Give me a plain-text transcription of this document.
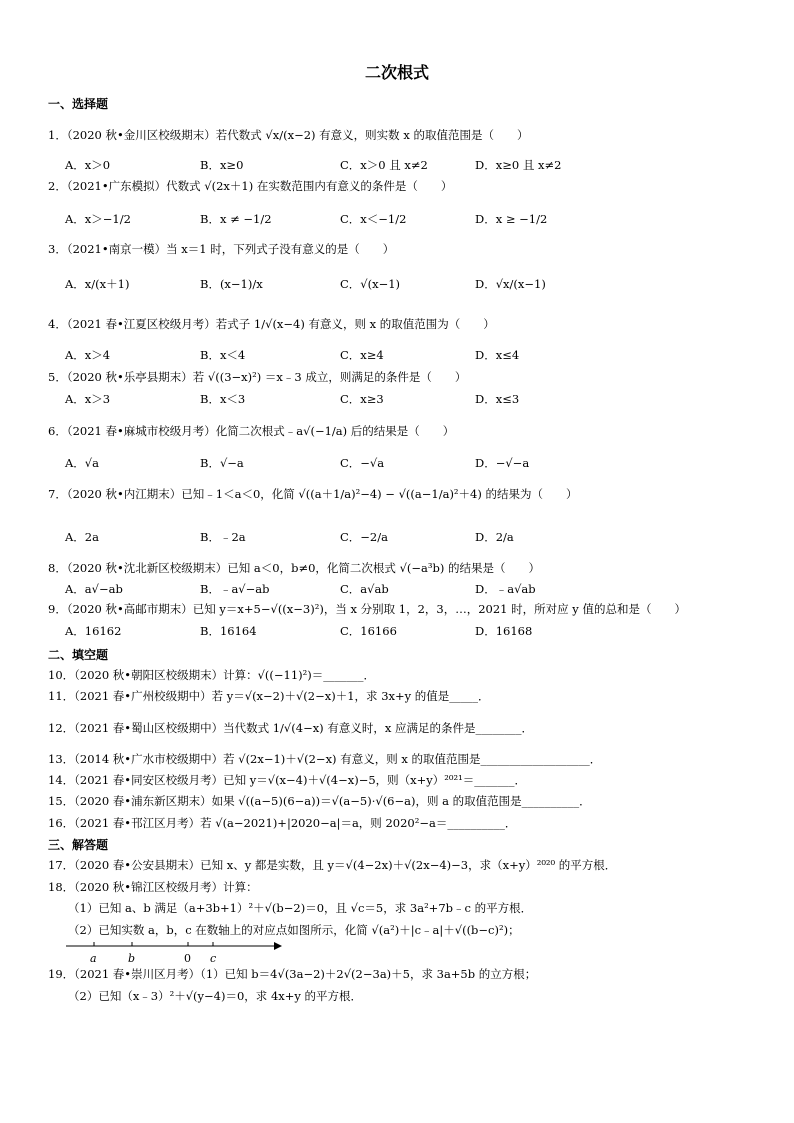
二次根式
一、选择题
1．（2020 秋•金川区校级期末）若代数式 √x/(x−2) 有意义，则实数 x 的取值范围是（　　）
A．x＞0	B．x≥0	C．x＞0 且 x≠2	D．x≥0 且 x≠2
2．（2021•广东模拟）代数式 √(2x＋1) 在实数范围内有意义的条件是（　　）
A．x＞−1/2	B．x ≠ −1/2	C．x＜−1/2	D．x ≥ −1/2
3．（2021•南京一模）当 x＝1 时，下列式子没有意义的是（　　）
A．x/(x＋1)	B．(x−1)/x	C．√(x−1)	D．√x/(x−1)
4．（2021 春•江夏区校级月考）若式子 1/√(x−4) 有意义，则 x 的取值范围为（　　）
A．x＞4	B．x＜4	C．x≥4	D．x≤4
5．（2020 秋•乐亭县期末）若 √((3−x)²) ＝x﹣3 成立，则满足的条件是（　　）
A．x＞3	B．x＜3	C．x≥3	D．x≤3
6．（2021 春•麻城市校级月考）化简二次根式﹣a√(−1/a) 后的结果是（　　）
A．√a	B．√−a	C．−√a	D．−√−a
7．（2020 秋•内江期末）已知﹣1＜a＜0，化简 √((a＋1/a)²−4) − √((a−1/a)²＋4) 的结果为（　　）
A．2a	B．﹣2a	C．−2/a	D．2/a
8．（2020 秋•沈北新区校级期末）已知 a＜0，b≠0，化简二次根式 √(−a³b) 的结果是（　　）
A．a√−ab	B．﹣a√−ab	C．a√ab	D．﹣a√ab
9．（2020 秋•高邮市期末）已知 y＝x+5−√((x−3)²)，当 x 分别取 1，2，3，…，2021 时，所对应 y 值的总和是（　　）
A．16162	B．16164	C．16166	D．16168
二、填空题
10．（2020 秋•朝阳区校级期末）计算：√((−11)²)＝_______．
11．（2021 春•广州校级期中）若 y＝√(x−2)＋√(2−x)＋1，求 3x+y 的值是_____．
12．（2021 春•蜀山区校级期中）当代数式 1/√(4−x) 有意义时，x 应满足的条件是________．
13．（2014 秋•广水市校级期中）若 √(2x−1)＋√(2−x) 有意义，则 x 的取值范围是___________________．
14．（2021 春•同安区校级月考）已知 y＝√(x−4)＋√(4−x)−5，则（x+y）²⁰²¹＝_______．
15．（2020 春•浦东新区期末）如果 √((a−5)(6−a))＝√(a−5)·√(6−a)，则 a 的取值范围是__________．
16．（2021 春•邗江区月考）若 √(a−2021)+|2020−a|＝a，则 2020²−a＝__________．
三、解答题
17．（2020 春•公安县期末）已知 x、y 都是实数，且 y＝√(4−2x)＋√(2x−4)−3，求（x+y）²⁰²⁰ 的平方根．
18．（2020 秋•锦江区校级月考）计算：
（1）已知 a、b 满足（a+3b+1）²＋√(b−2)＝0，且 √c＝5，求 3a²+7b﹣c 的平方根．
（2）已知实数 a，b，c 在数轴上的对应点如图所示，化简 √(a²)＋|c﹣a|＋√((b−c)²)；
a	b	0 c
19．（2021 春•崇川区月考）（1）已知 b＝4√(3a−2)＋2√(2−3a)＋5，求 3a+5b 的立方根；
（2）已知（x﹣3）²＋√(y−4)＝0，求 4x+y 的平方根．
